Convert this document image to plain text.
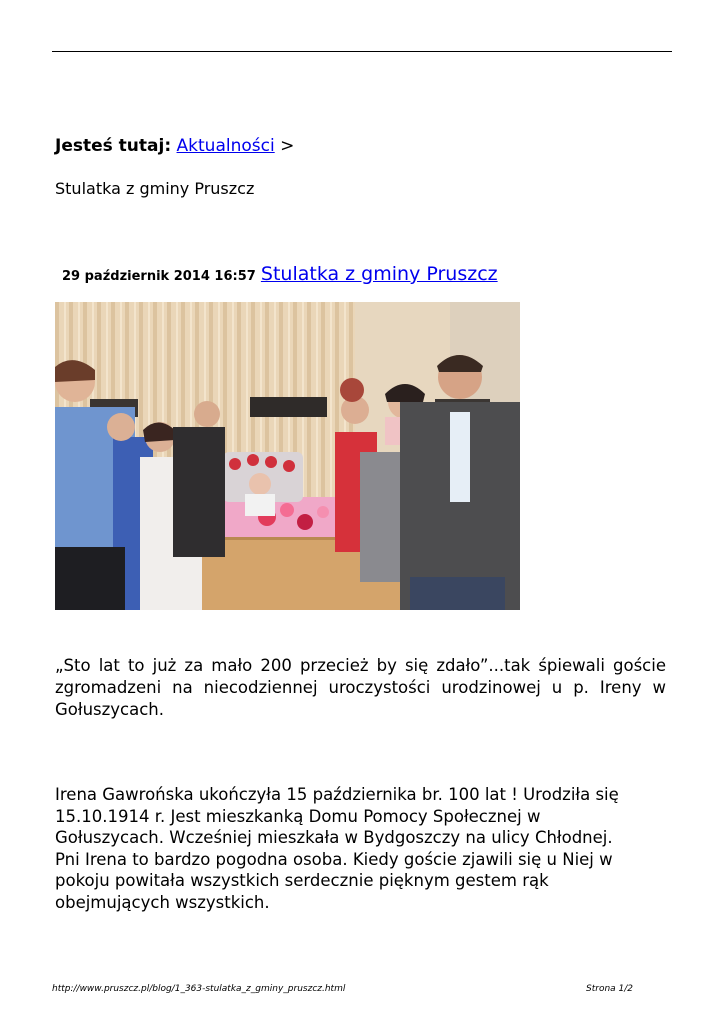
Jesteś tutaj: Aktualności >
Stulatka z gminy Pruszcz
29 październik 2014 16:57 Stulatka z gminy Pruszcz
„Sto lat to już za mało 200 przecież by się zdało”...tak śpiewali goście zgromadzeni na niecodziennej uroczystości urodzinowej u p. Ireny w Gołuszycach.
Irena Gawrońska ukończyła 15 października br. 100 lat ! Urodziła się
15.10.1914 r. Jest mieszkanką Domu Pomocy Społecznej w
Gołuszycach. Wcześniej mieszkała w Bydgoszczy na ulicy Chłodnej.
Pni Irena to bardzo pogodna osoba. Kiedy goście zjawili się u Niej w
pokoju powitała wszystkich serdecznie pięknym gestem rąk
obejmujących wszystkich.
http://www.pruszcz.pl/blog/1_363-stulatka_z_gminy_pruszcz.html	Strona 1/2
